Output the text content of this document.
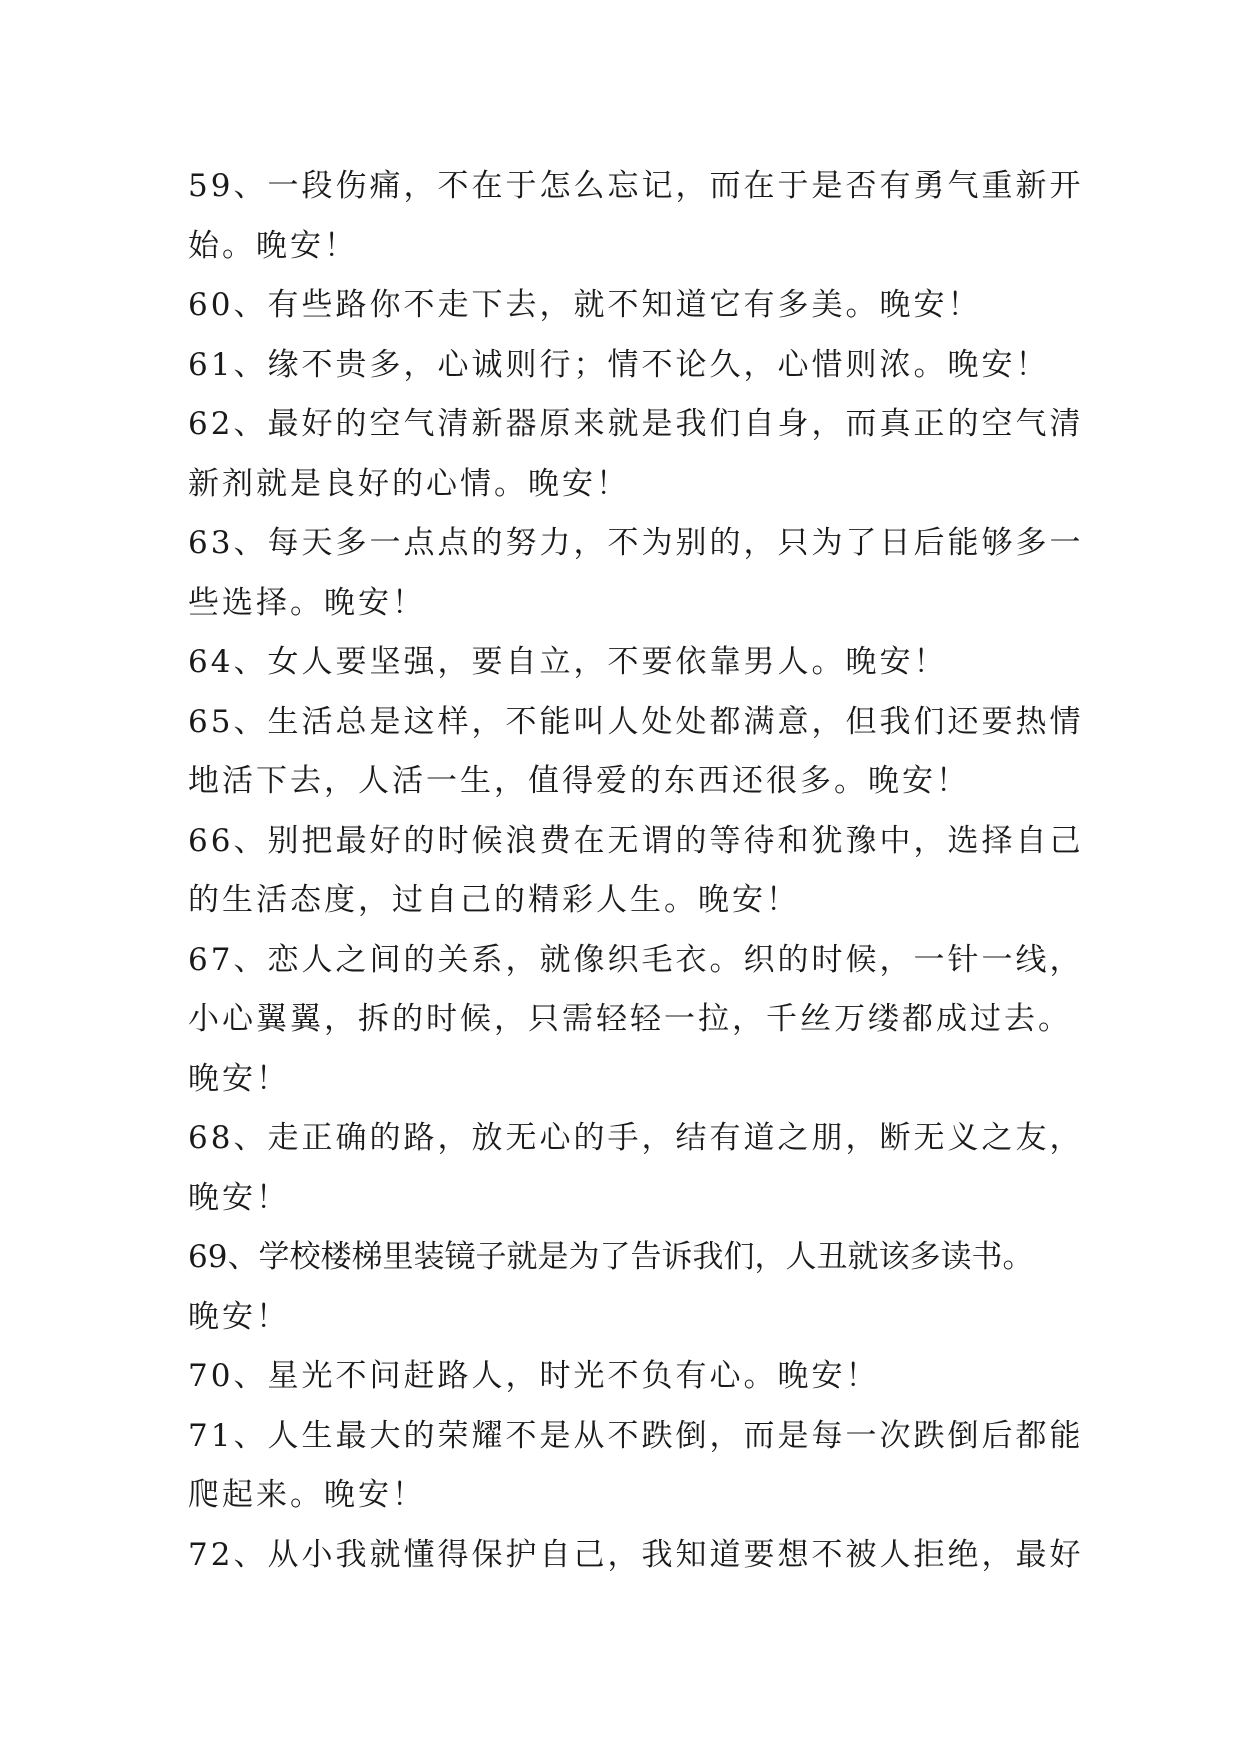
59、一段伤痛，不在于怎么忘记，而在于是否有勇气重新开
始。晚安！
60、有些路你不走下去，就不知道它有多美。晚安！
61、缘不贵多，心诚则行；情不论久，心惜则浓。晚安！
62、最好的空气清新器原来就是我们自身，而真正的空气清
新剂就是良好的心情。晚安！
63、每天多一点点的努力，不为别的，只为了日后能够多一
些选择。晚安！
64、女人要坚强，要自立，不要依靠男人。晚安！
65、生活总是这样，不能叫人处处都满意，但我们还要热情
地活下去，人活一生，值得爱的东西还很多。晚安！
66、别把最好的时候浪费在无谓的等待和犹豫中，选择自己
的生活态度，过自己的精彩人生。晚安！
67、恋人之间的关系，就像织毛衣。织的时候，一针一线，
小心翼翼，拆的时候，只需轻轻一拉，千丝万缕都成过去。
晚安！
68、走正确的路，放无心的手，结有道之朋，断无义之友，
晚安！
69、学校楼梯里装镜子就是为了告诉我们，人丑就该多读书。
晚安！
70、星光不问赶路人，时光不负有心。晚安！
71、人生最大的荣耀不是从不跌倒，而是每一次跌倒后都能
爬起来。晚安！
72、从小我就懂得保护自己，我知道要想不被人拒绝，最好
